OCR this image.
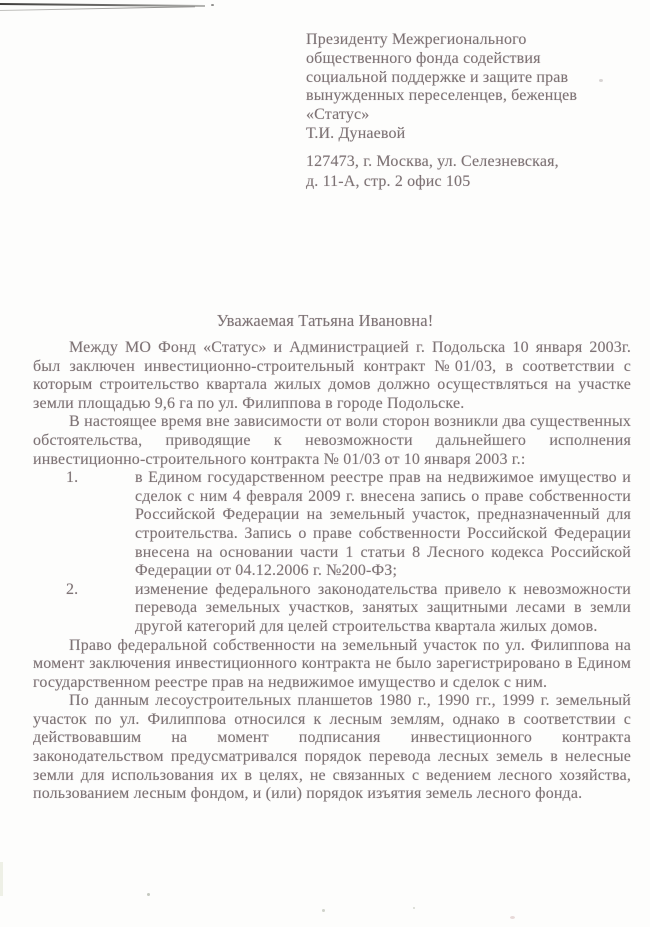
Президенту Межрегионального
общественного фонда содействия
социальной поддержке и защите прав
вынужденных переселенцев, беженцев
«Статус»
Т.И. Дунаевой
127473, г. Москва, ул. Селезневская,
д. 11-А, стр. 2 офис 105
Уважаемая Татьяна Ивановна!

Между МО Фонд «Статус» и Администрацией г. Подольска 10 января 2003г. был заключен инвестиционно-строительный контракт №01/03, в соответствии с которым строительство квартала жилых домов должно осуществляться на участке земли площадью 9,6 га по ул. Филиппова в городе Подольске.

В настоящее время вне зависимости от воли сторон возникли два существенных обстоятельства, приводящие к невозможности дальнейшего исполнения инвестиционно-строительного контракта № 01/03 от 10 января 2003 г.:

1.	в Едином государственном реестре прав на недвижимое имущество и сделок с ним 4 февраля 2009 г. внесена запись о праве собственности Российской Федерации на земельный участок, предназначенный для строительства. Запись о праве собственности Российской Федерации внесена на основании части 1 статьи 8 Лесного кодекса Российской Федерации от 04.12.2006 г. №200-ФЗ;

2.	изменение федерального законодательства привело к невозможности перевода земельных участков, занятых защитными лесами в земли другой категорий для целей строительства квартала жилых домов.

Право федеральной собственности на земельный участок по ул. Филиппова на момент заключения инвестиционного контракта не было зарегистрировано в Едином государственном реестре прав на недвижимое имущество и сделок с ним.

По данным лесоустроительных планшетов 1980 г., 1990 гг., 1999 г. земельный участок по ул. Филиппова относился к лесным землям, однако в соответствии с действовавшим на момент подписания инвестиционного контракта законодательством предусматривался порядок перевода лесных земель в нелесные земли для использования их в целях, не связанных с ведением лесного хозяйства, пользованием лесным фондом, и (или) порядок изъятия земель лесного фонда.
